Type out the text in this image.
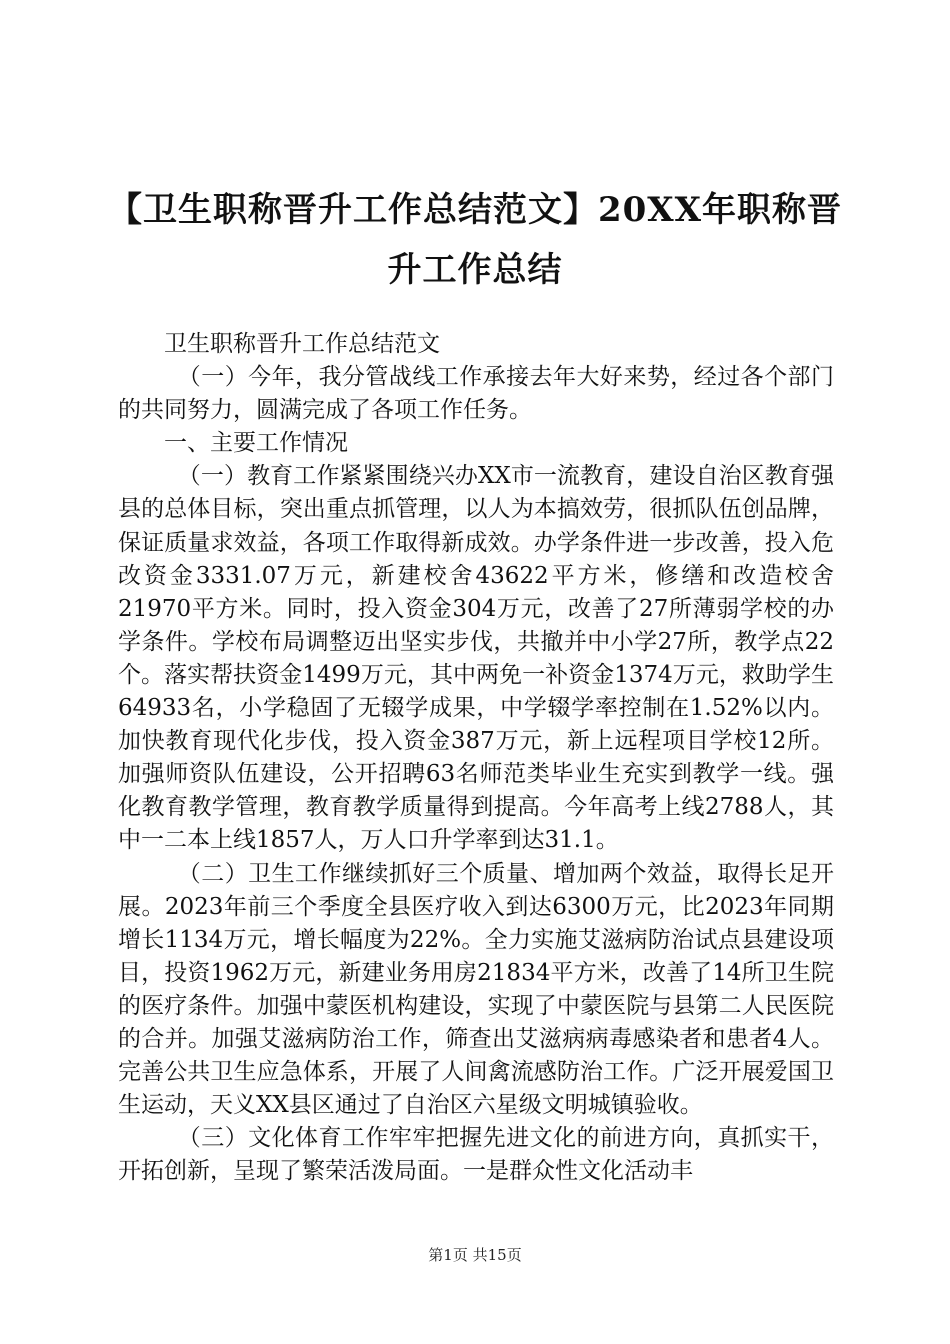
【卫生职称晋升工作总结范文】20XX年职称晋升工作总结

卫生职称晋升工作总结范文

（一）今年，我分管战线工作承接去年大好来势，经过各个部门的共同努力，圆满完成了各项工作任务。

一、主要工作情况

（一）教育工作紧紧围绕兴办XX市一流教育，建设自治区教育强县的总体目标，突出重点抓管理，以人为本搞效劳，很抓队伍创品牌，保证质量求效益，各项工作取得新成效。办学条件进一步改善，投入危改资金3331.07万元，新建校舍43622平方米，修缮和改造校舍21970平方米。同时，投入资金304万元，改善了27所薄弱学校的办学条件。学校布局调整迈出坚实步伐，共撤并中小学27所，教学点22个。落实帮扶资金1499万元，其中两免一补资金1374万元，救助学生64933名，小学稳固了无辍学成果，中学辍学率控制在1.52%以内。加快教育现代化步伐，投入资金387万元，新上远程项目学校12所。加强师资队伍建设，公开招聘63名师范类毕业生充实到教学一线。强化教育教学管理，教育教学质量得到提高。今年高考上线2788人，其中一二本上线1857人，万人口升学率到达31.1。

（二）卫生工作继续抓好三个质量、增加两个效益，取得长足开展。2023年前三个季度全县医疗收入到达6300万元，比2023年同期增长1134万元，增长幅度为22%。全力实施艾滋病防治试点县建设项目，投资1962万元，新建业务用房21834平方米，改善了14所卫生院的医疗条件。加强中蒙医机构建设，实现了中蒙医院与县第二人民医院的合并。加强艾滋病防治工作，筛查出艾滋病病毒感染者和患者4人。完善公共卫生应急体系，开展了人间禽流感防治工作。广泛开展爱国卫生运动，天义XX县区通过了自治区六星级文明城镇验收。

（三）文化体育工作牢牢把握先进文化的前进方向，真抓实干，开拓创新，呈现了繁荣活泼局面。一是群众性文化活动丰

第1页 共15页
